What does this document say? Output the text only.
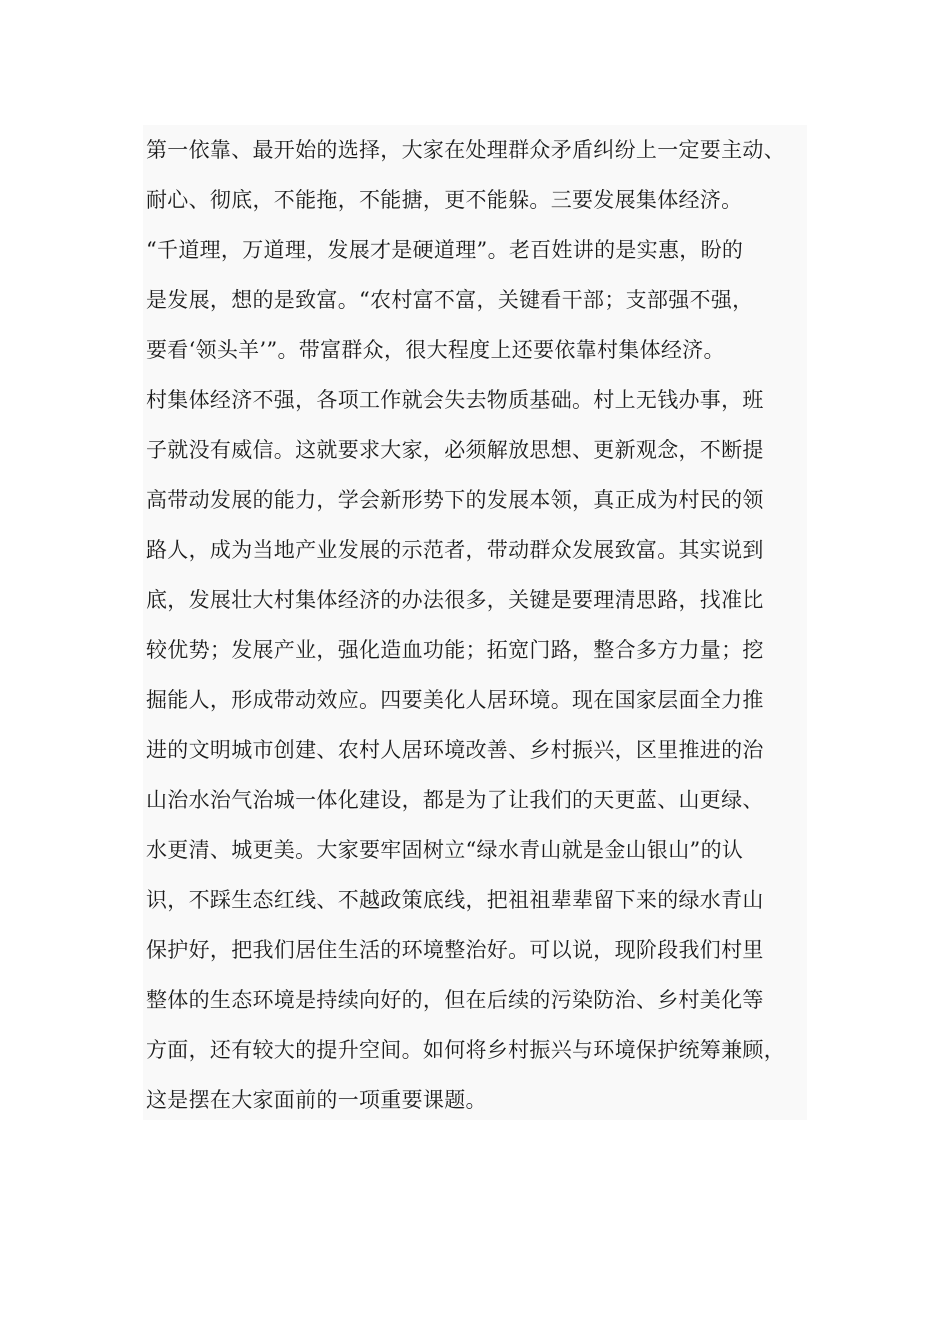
第一依靠、最开始的选择，大家在处理群众矛盾纠纷上一定要主动、
耐心、彻底，不能拖，不能搪，更不能躲。三要发展集体经济。
“千道理，万道理，发展才是硬道理”。老百姓讲的是实惠，盼的
是发展，想的是致富。“农村富不富，关键看干部；支部强不强，
要看‘领头羊’”。带富群众，很大程度上还要依靠村集体经济。
村集体经济不强，各项工作就会失去物质基础。村上无钱办事，班
子就没有威信。这就要求大家，必须解放思想、更新观念，不断提
高带动发展的能力，学会新形势下的发展本领，真正成为村民的领
路人，成为当地产业发展的示范者，带动群众发展致富。其实说到
底，发展壮大村集体经济的办法很多，关键是要理清思路，找准比
较优势；发展产业，强化造血功能；拓宽门路，整合多方力量；挖
掘能人，形成带动效应。四要美化人居环境。现在国家层面全力推
进的文明城市创建、农村人居环境改善、乡村振兴，区里推进的治
山治水治气治城一体化建设，都是为了让我们的天更蓝、山更绿、
水更清、城更美。大家要牢固树立“绿水青山就是金山银山”的认
识，不踩生态红线、不越政策底线，把祖祖辈辈留下来的绿水青山
保护好，把我们居住生活的环境整治好。可以说，现阶段我们村里
整体的生态环境是持续向好的，但在后续的污染防治、乡村美化等
方面，还有较大的提升空间。如何将乡村振兴与环境保护统筹兼顾，
这是摆在大家面前的一项重要课题。
